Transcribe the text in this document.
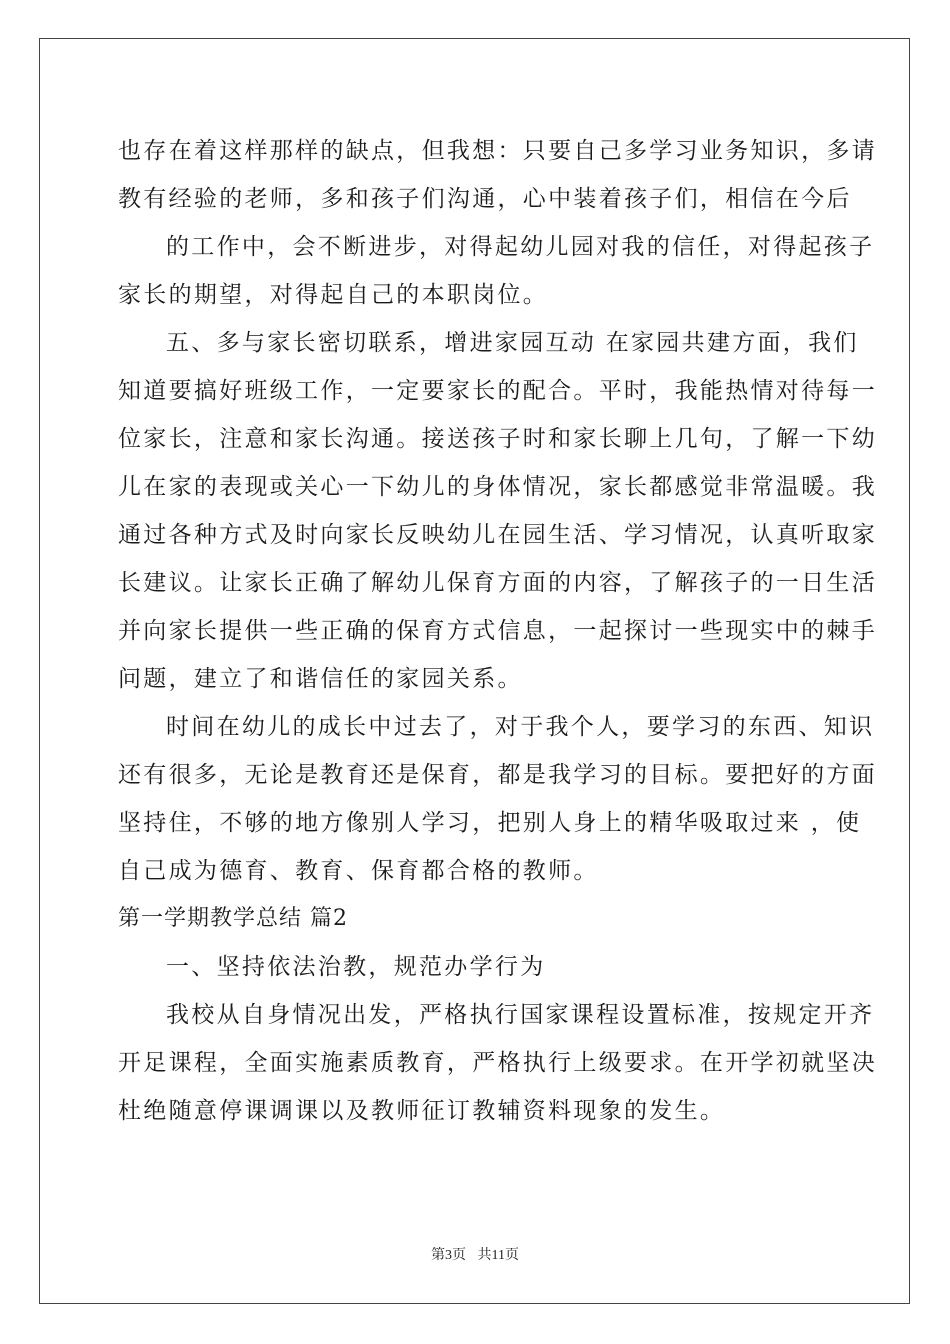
也存在着这样那样的缺点，但我想：只要自己多学习业务知识，多请
教有经验的老师，多和孩子们沟通，心中装着孩子们，相信在今后
的工作中，会不断进步，对得起幼儿园对我的信任，对得起孩子
家长的期望，对得起自己的本职岗位。
五、多与家长密切联系，增进家园互动 在家园共建方面，我们
知道要搞好班级工作，一定要家长的配合。平时，我能热情对待每一
位家长，注意和家长沟通。接送孩子时和家长聊上几句，了解一下幼
儿在家的表现或关心一下幼儿的身体情况，家长都感觉非常温暖。我
通过各种方式及时向家长反映幼儿在园生活、学习情况，认真听取家
长建议。让家长正确了解幼儿保育方面的内容，了解孩子的一日生活
并向家长提供一些正确的保育方式信息，一起探讨一些现实中的棘手
问题，建立了和谐信任的家园关系。
时间在幼儿的成长中过去了，对于我个人，要学习的东西、知识
还有很多，无论是教育还是保育，都是我学习的目标。要把好的方面
坚持住，不够的地方像别人学习，把别人身上的精华吸取过来 ，使
自己成为德育、教育、保育都合格的教师。
第一学期教学总结 篇2
一、坚持依法治教，规范办学行为
我校从自身情况出发，严格执行国家课程设置标准，按规定开齐
开足课程，全面实施素质教育，严格执行上级要求。在开学初就坚决
杜绝随意停课调课以及教师征订教辅资料现象的发生。
第3页 共11页
